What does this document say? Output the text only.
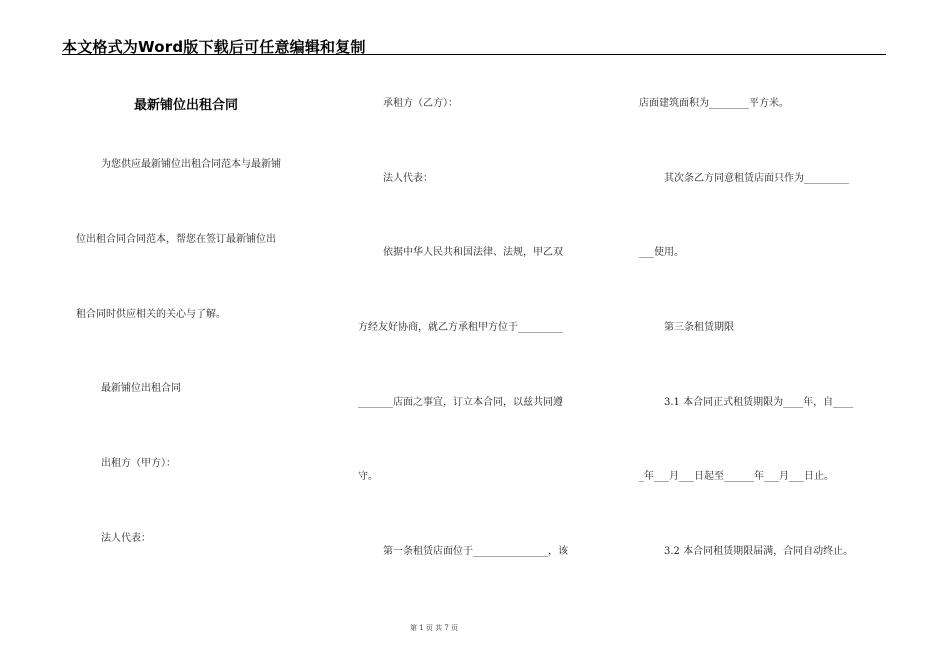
本文格式为Word版下载后可任意编辑和复制
最新铺位出租合同
为您供应最新铺位出租合同范本与最新铺
位出租合同合同范本，帮您在签订最新铺位出
租合同时供应相关的关心与了解。
最新铺位出租合同
出租方（甲方）：
法人代表：
承租方（乙方）：
法人代表：
依据中华人民共和国法律、法规，甲乙双
方经友好协商，就乙方承租甲方位于_________
_______店面之事宜，订立本合同，以兹共同遵
守。
第一条租赁店面位于_______________，该
店面建筑面积为________平方米。
其次条乙方同意租赁店面只作为_________
___使用。
第三条租赁期限
3.1 本合同正式租赁期限为____年，自____
_年___月___日起至______年___月___日止。
3.2 本合同租赁期限届满，合同自动终止。
第 1 页 共 7 页
